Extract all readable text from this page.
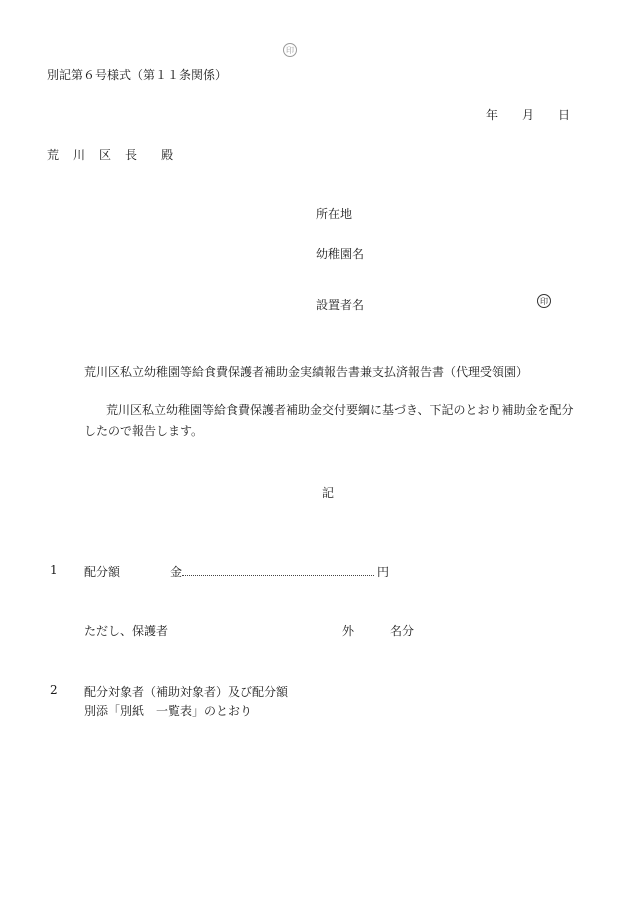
印
別記第６号様式（第１１条関係）
年 月 日
荒 川 区 長 殿
所在地
幼稚園名
設置者名	印
荒川区私立幼稚園等給食費保護者補助金実績報告書兼支払済報告書（代理受領園）
荒川区私立幼稚園等給食費保護者補助金交付要綱に基づき、下記のとおり補助金を配分したので報告します。
記
1 配分額	金	円
ただし、保護者	外	名分
2 配分対象者（補助対象者）及び配分額
別添「別紙　一覧表」のとおり
